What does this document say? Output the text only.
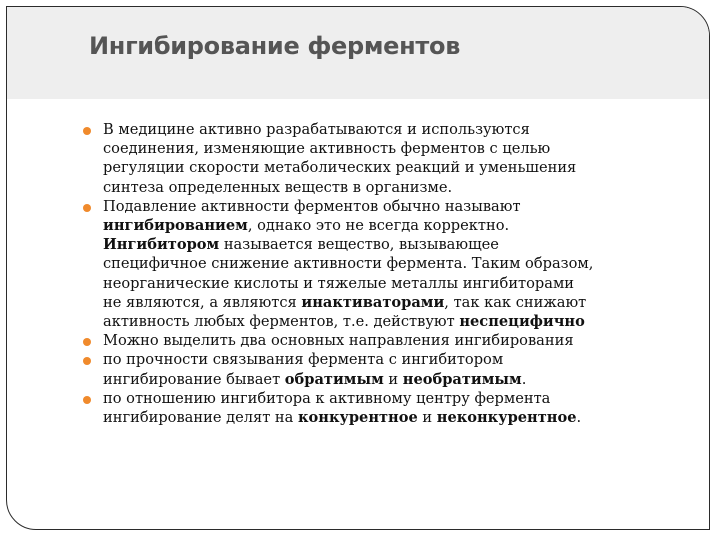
Ингибирование ферментов
В медицине активно разрабатываются и используются
соединения, изменяющие активность ферментов с целью
регуляции скорости метаболических реакций и уменьшения
синтеза определенных веществ в организме.
Подавление активности ферментов обычно называют
ингибированием, однако это не всегда корректно.
Ингибитором называется вещество, вызывающее
специфичное снижение активности фермента. Таким образом,
неорганические кислоты и тяжелые металлы ингибиторами
не являются, а являются инактиваторами, так как снижают
активность любых ферментов, т.е. действуют неспецифично
Можно выделить два основных направления ингибирования
по прочности связывания фермента с ингибитором
ингибирование бывает обратимым и необратимым.
по отношению ингибитора к активному центру фермента
ингибирование делят на конкурентное и неконкурентное.
